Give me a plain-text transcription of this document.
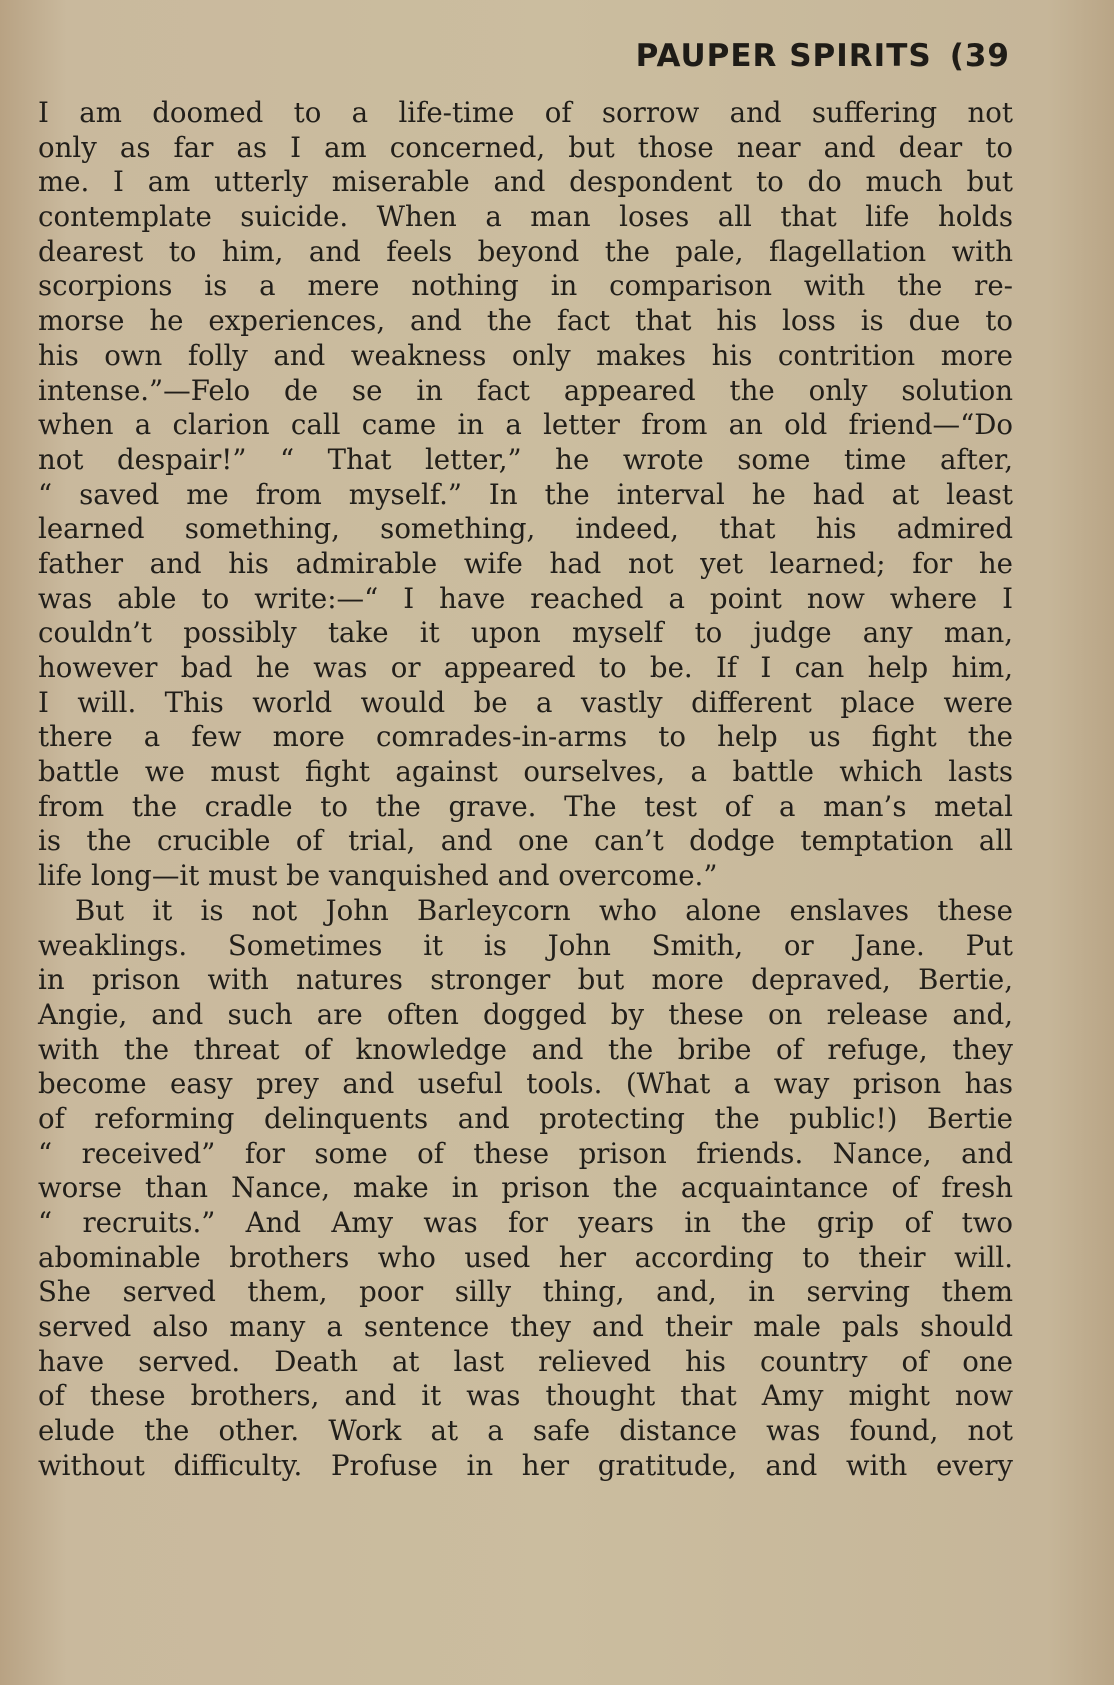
PAUPER SPIRITS (39
I am doomed to a life-time of sorrow and suffering not
only as far as I am concerned, but those near and dear to
me. I am utterly miserable and despondent to do much but
contemplate suicide. When a man loses all that life holds
dearest to him, and feels beyond the pale, flagellation with
scorpions is a mere nothing in comparison with the re-
morse he experiences, and the fact that his loss is due to
his own folly and weakness only makes his contrition more
intense.”—Felo de se in fact appeared the only solution
when a clarion call came in a letter from an old friend—“Do
not despair!” “ That letter,” he wrote some time after,
“ saved me from myself.” In the interval he had at least
learned something, something, indeed, that his admired
father and his admirable wife had not yet learned; for he
was able to write:—“ I have reached a point now where I
couldn’t possibly take it upon myself to judge any man,
however bad he was or appeared to be. If I can help him,
I will. This world would be a vastly different place were
there a few more comrades-in-arms to help us fight the
battle we must fight against ourselves, a battle which lasts
from the cradle to the grave. The test of a man’s metal
is the crucible of trial, and one can’t dodge temptation all
life long—it must be vanquished and overcome.”
But it is not John Barleycorn who alone enslaves these
weaklings. Sometimes it is John Smith, or Jane. Put
in prison with natures stronger but more depraved, Bertie,
Angie, and such are often dogged by these on release and,
with the threat of knowledge and the bribe of refuge, they
become easy prey and useful tools. (What a way prison has
of reforming delinquents and protecting the public!) Bertie
“ received” for some of these prison friends. Nance, and
worse than Nance, make in prison the acquaintance of fresh
“ recruits.” And Amy was for years in the grip of two
abominable brothers who used her according to their will.
She served them, poor silly thing, and, in serving them
served also many a sentence they and their male pals should
have served. Death at last relieved his country of one
of these brothers, and it was thought that Amy might now
elude the other. Work at a safe distance was found, not
without difficulty. Profuse in her gratitude, and with every
